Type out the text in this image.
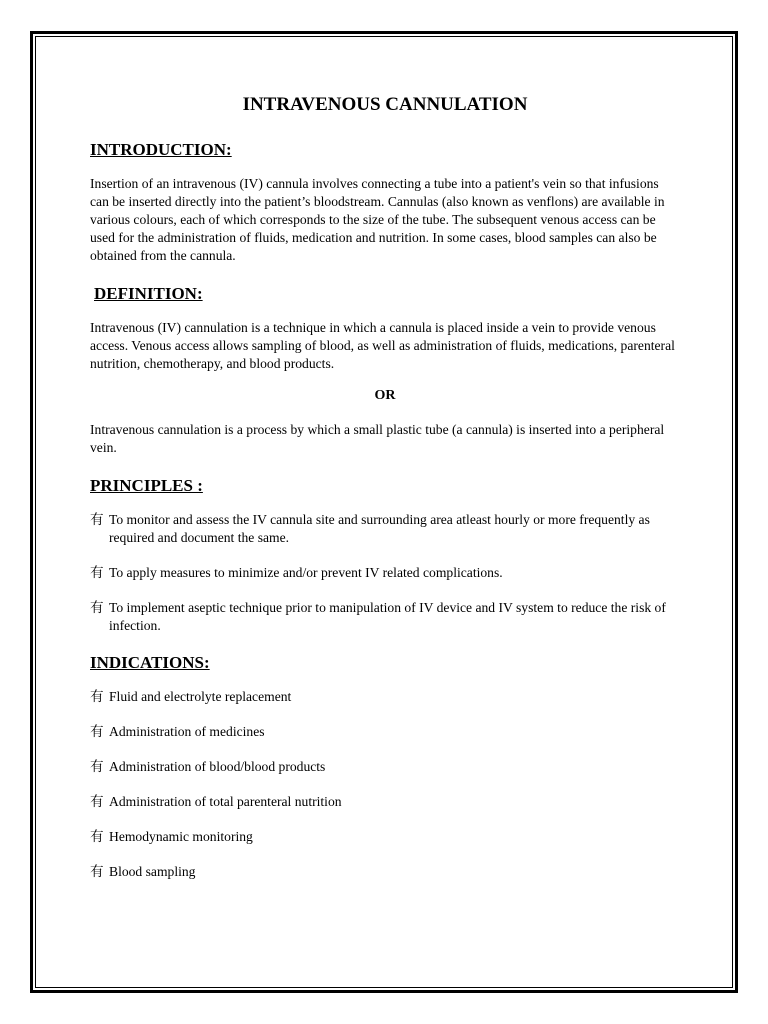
INTRAVENOUS CANNULATION
INTRODUCTION:

Insertion of an intravenous (IV) cannula involves connecting a tube into a patient's vein so that infusions can be inserted directly into the patient’s bloodstream. Cannulas (also known as venflons) are available in various colours, each of which corresponds to the size of the tube. The subsequent venous access can be used for the administration of fluids, medication and nutrition. In some cases, blood samples can also be obtained from the cannula.

DEFINITION:

Intravenous (IV) cannulation is a technique in which a cannula is placed inside a vein to provide venous access. Venous access allows sampling of blood, as well as administration of fluids, medications, parenteral nutrition, chemotherapy, and blood products.

OR

Intravenous cannulation is a process by which a small plastic tube (a cannula) is inserted into a peripheral vein.

PRINCIPLES :
有 To monitor and assess the IV cannula site and surrounding area atleast hourly or more frequently as required and document the same.
有 To apply measures to minimize and/or prevent IV related complications.
有 To implement aseptic technique prior to manipulation of IV device and IV system to reduce the risk of infection.
INDICATIONS:
有 Fluid and electrolyte replacement
有 Administration of medicines
有 Administration of blood/blood products
有 Administration of total parenteral nutrition
有 Hemodynamic monitoring
有 Blood sampling
